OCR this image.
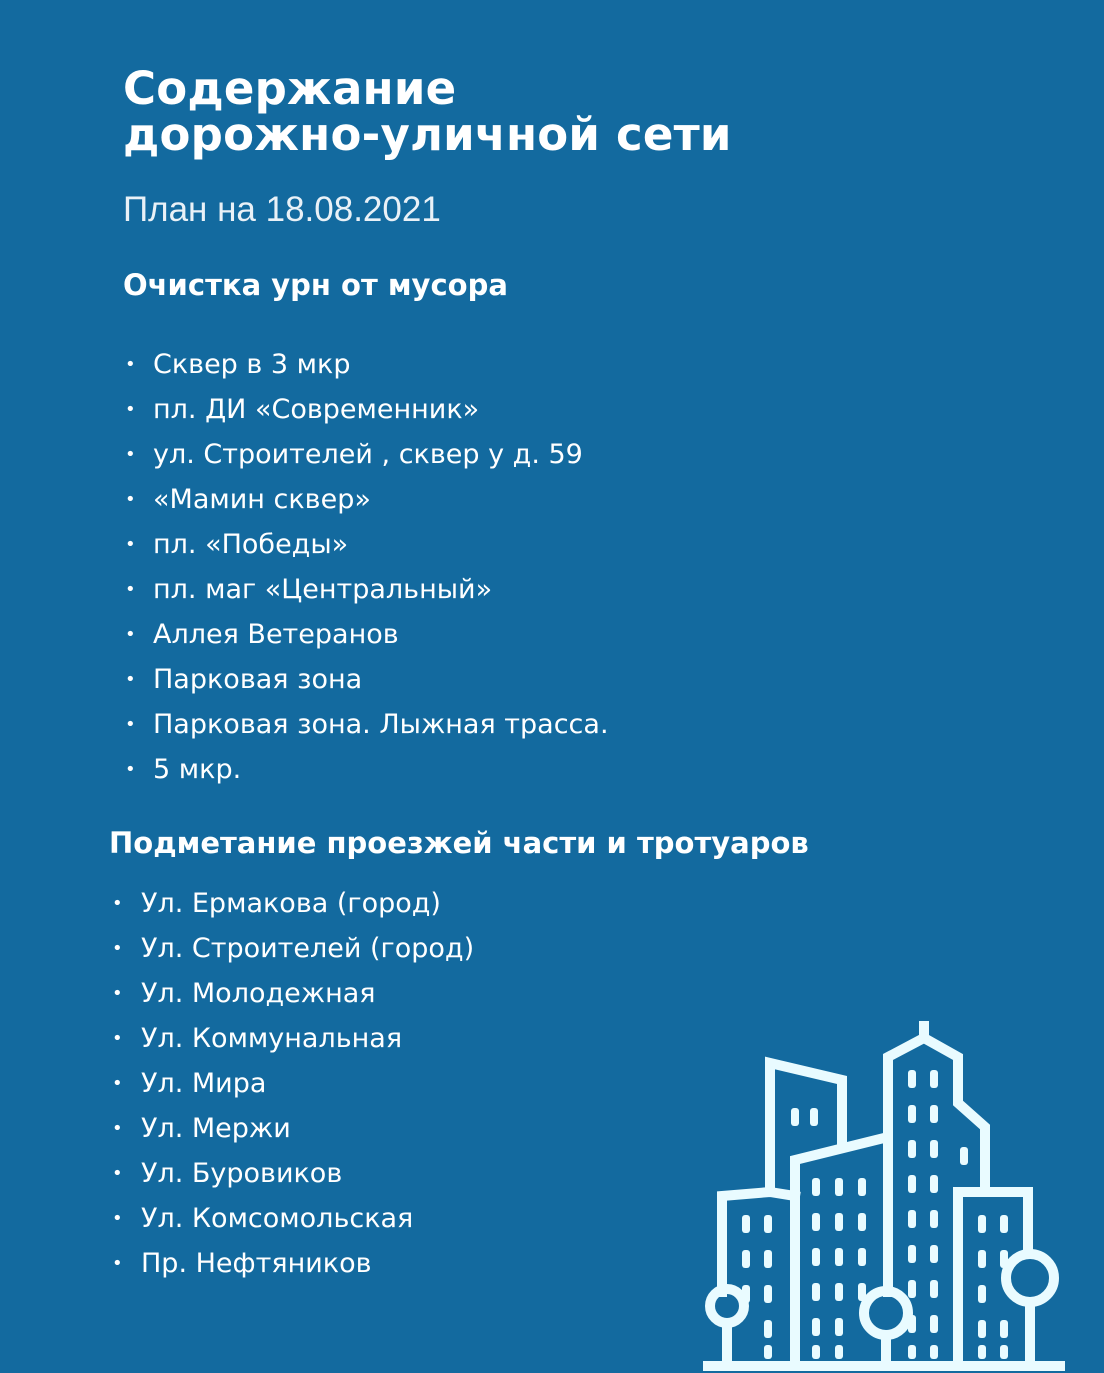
Содержание
дорожно-уличной сети

План на 18.08.2021

Очистка урн от мусора
• Сквер в 3 мкр
• пл. ДИ «Современник»
• ул. Строителей , сквер у д. 59
• «Мамин сквер»
• пл. «Победы»
• пл. маг «Центральный»
• Аллея Ветеранов
• Парковая зона
• Парковая зона. Лыжная трасса.
• 5 мкр.
Подметание проезжей части и тротуаров
• Ул. Ермакова (город)
• Ул. Строителей (город)
• Ул. Молодежная
• Ул. Коммунальная
• Ул. Мира
• Ул. Мержи
• Ул. Буровиков
• Ул. Комсомольская
• Пр. Нефтяников
